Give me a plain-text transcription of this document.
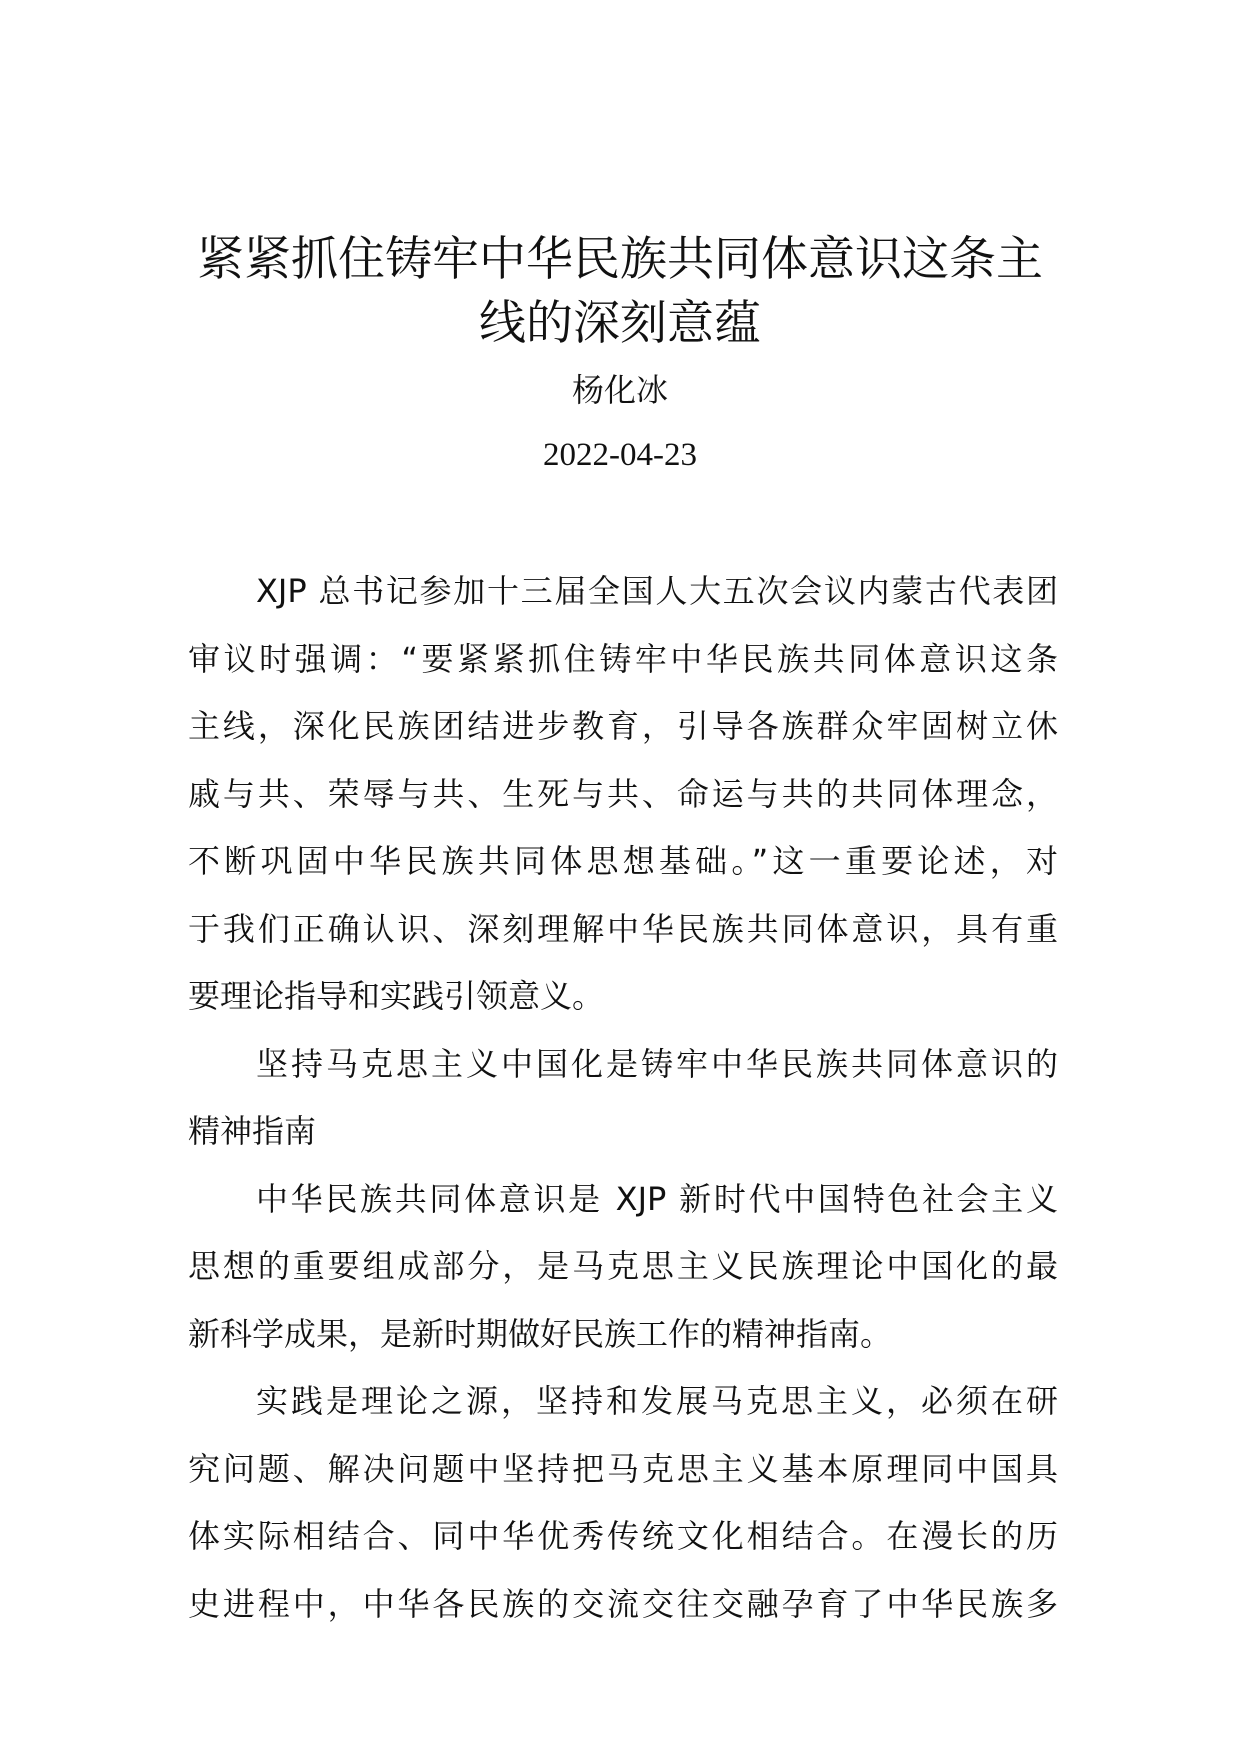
紧紧抓住铸牢中华民族共同体意识这条主
线的深刻意蕴
杨化冰
2022-04-23
XJP 总书记参加十三届全国人大五次会议内蒙古代表团
审议时强调：“要紧紧抓住铸牢中华民族共同体意识这条
主线，深化民族团结进步教育，引导各族群众牢固树立休
戚与共、荣辱与共、生死与共、命运与共的共同体理念，
不断巩固中华民族共同体思想基础。”这一重要论述，对
于我们正确认识、深刻理解中华民族共同体意识，具有重
要理论指导和实践引领意义。
坚持马克思主义中国化是铸牢中华民族共同体意识的
精神指南
中华民族共同体意识是 XJP 新时代中国特色社会主义
思想的重要组成部分，是马克思主义民族理论中国化的最
新科学成果，是新时期做好民族工作的精神指南。
实践是理论之源，坚持和发展马克思主义，必须在研
究问题、解决问题中坚持把马克思主义基本原理同中国具
体实际相结合、同中华优秀传统文化相结合。在漫长的历
史进程中，中华各民族的交流交往交融孕育了中华民族多
